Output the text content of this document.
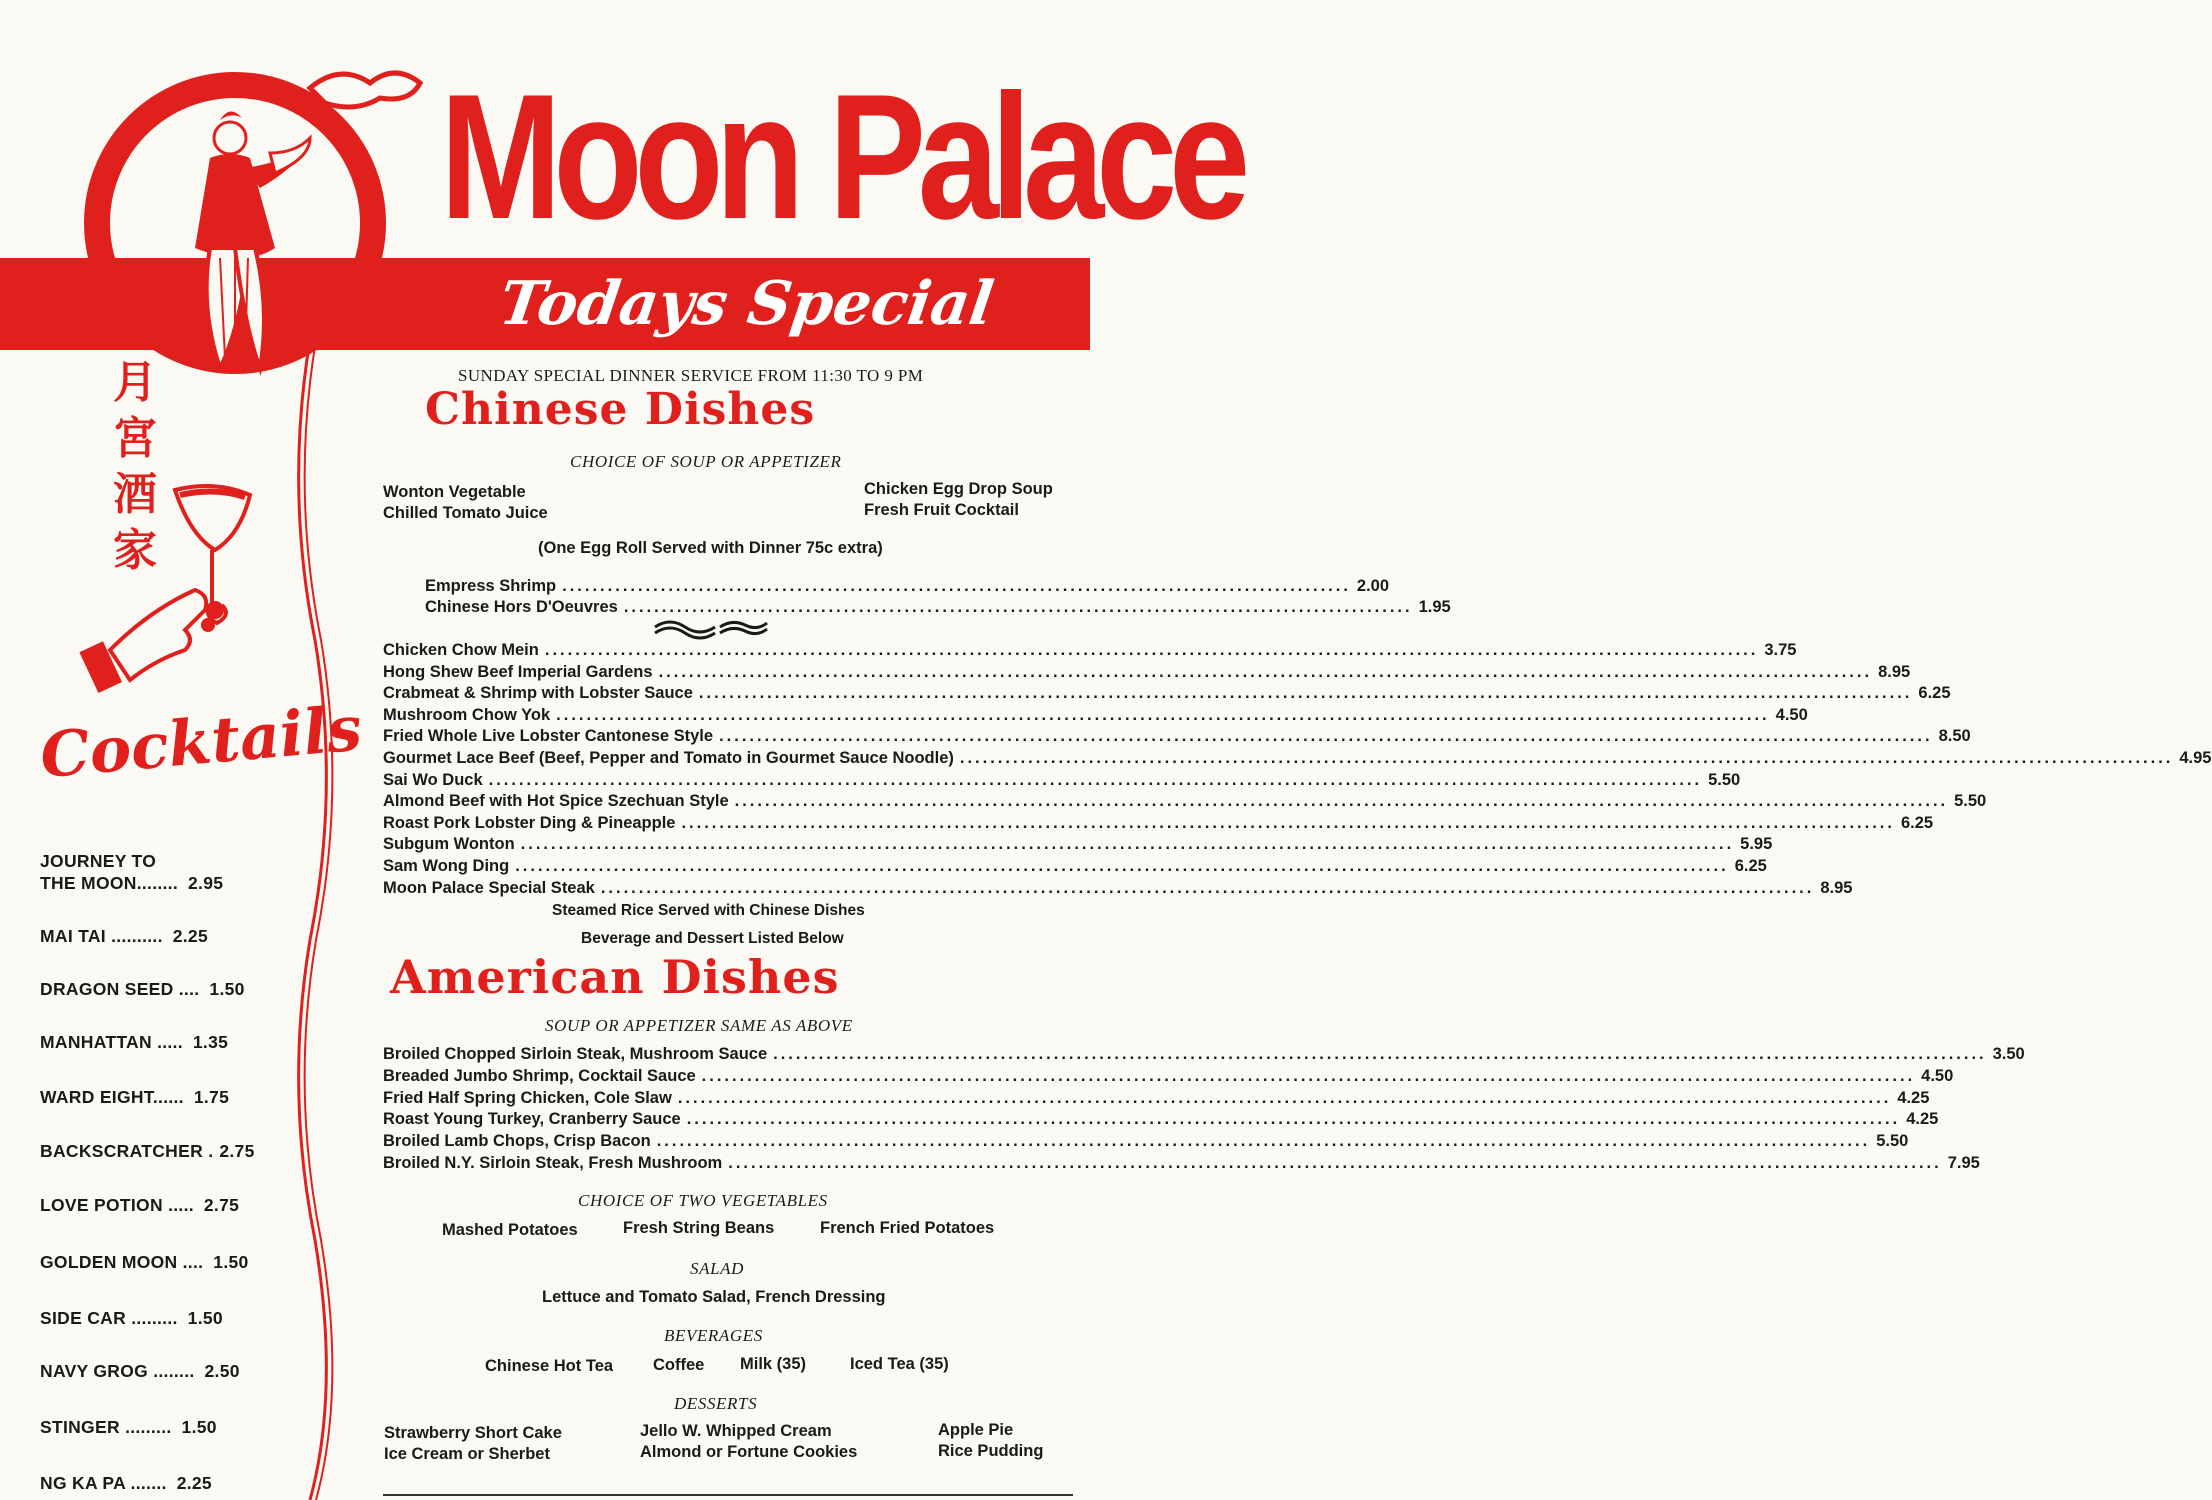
Moon Palace
Todays Special
月
宮
酒
家
Cocktails
JOURNEY TO
THE MOON........ 2.95
MAI TAI .......... 2.25
DRAGON SEED .... 1.50
MANHATTAN ..... 1.35
WARD EIGHT...... 1.75
BACKSCRATCHER . 2.75
LOVE POTION ..... 2.75
GOLDEN MOON .... 1.50
SIDE CAR ......... 1.50
NAVY GROG ........ 2.50
STINGER ......... 1.50
NG KA PA ....... 2.25
SUNDAY SPECIAL DINNER SERVICE FROM 11:30 TO 9 PM
Chinese Dishes
CHOICE OF SOUP OR APPETIZER
Wonton Vegetable
Chilled Tomato Juice
Chicken Egg Drop Soup
Fresh Fruit Cocktail
(One Egg Roll Served with Dinner 75c extra)
Empress Shrimp ........................................................................................................ 2.00
Chinese Hors D'Oeuvres ........................................................................................................ 1.95
Steamed Rice Served with Chinese Dishes
Beverage and Dessert Listed Below
American Dishes
SOUP OR APPETIZER SAME AS ABOVE
CHOICE OF TWO VEGETABLES
Mashed Potatoes	Fresh String Beans	French Fried Potatoes
SALAD
Lettuce and Tomato Salad, French Dressing
BEVERAGES
Chinese Hot Tea Coffee Milk (35)	Iced Tea (35)
DESSERTS
Strawberry Short Cake
Ice Cream or Sherbet
Jello W. Whipped Cream
Almond or Fortune Cookies
Apple Pie
Rice Pudding
Chicken Chow Mein ................................................................................................................................................................ 3.75
Hong Shew Beef Imperial Gardens ................................................................................................................................................................ 8.95
Crabmeat & Shrimp with Lobster Sauce ................................................................................................................................................................ 6.25
Mushroom Chow Yok ................................................................................................................................................................ 4.50
Fried Whole Live Lobster Cantonese Style ................................................................................................................................................................ 8.50
Gourmet Lace Beef (Beef, Pepper and Tomato in Gourmet Sauce Noodle) ................................................................................................................................................................ 4.95
Sai Wo Duck ................................................................................................................................................................ 5.50
Almond Beef with Hot Spice Szechuan Style ................................................................................................................................................................ 5.50
Roast Pork Lobster Ding & Pineapple ................................................................................................................................................................ 6.25
Subgum Wonton ................................................................................................................................................................ 5.95
Sam Wong Ding ................................................................................................................................................................ 6.25
Moon Palace Special Steak ................................................................................................................................................................ 8.95
Broiled Chopped Sirloin Steak, Mushroom Sauce ................................................................................................................................................................ 3.50
Breaded Jumbo Shrimp, Cocktail Sauce ................................................................................................................................................................ 4.50
Fried Half Spring Chicken, Cole Slaw ................................................................................................................................................................ 4.25
Roast Young Turkey, Cranberry Sauce ................................................................................................................................................................ 4.25
Broiled Lamb Chops, Crisp Bacon ................................................................................................................................................................ 5.50
Broiled N.Y. Sirloin Steak, Fresh Mushroom ................................................................................................................................................................ 7.95
